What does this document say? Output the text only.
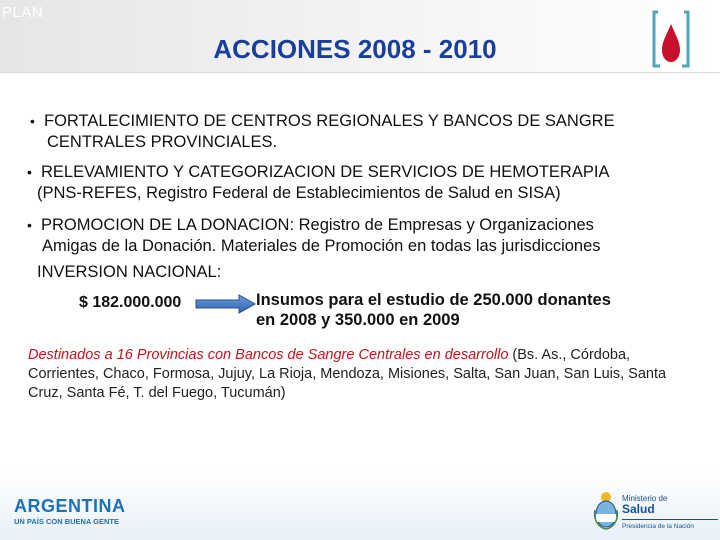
PLAN
ACCIONES 2008 - 2010
• FORTALECIMIENTO DE CENTROS REGIONALES Y BANCOS DE SANGRE
CENTRALES PROVINCIALES.
• RELEVAMIENTO Y CATEGORIZACION DE SERVICIOS DE HEMOTERAPIA
(PNS-REFES, Registro Federal de Establecimientos de Salud en SISA)
• PROMOCION DE LA DONACION: Registro de Empresas y Organizaciones
Amigas de la Donación. Materiales de Promoción en todas las jurisdicciones
INVERSION NACIONAL:
$ 182.000.000	Insumos para el estudio de 250.000 donantes
en 2008 y 350.000 en 2009
Destinados a 16 Provincias con Bancos de Sangre Centrales en desarrollo (Bs. As., Córdoba, Corrientes, Chaco, Formosa, Jujuy, La Rioja, Mendoza, Misiones, Salta, San Juan, San Luis, Santa Cruz, Santa Fé, T. del Fuego, Tucumán)
ARGENTINA
UN PAÍS CON BUENA GENTE
Ministerio de
Salud
Presidencia de la Nación
